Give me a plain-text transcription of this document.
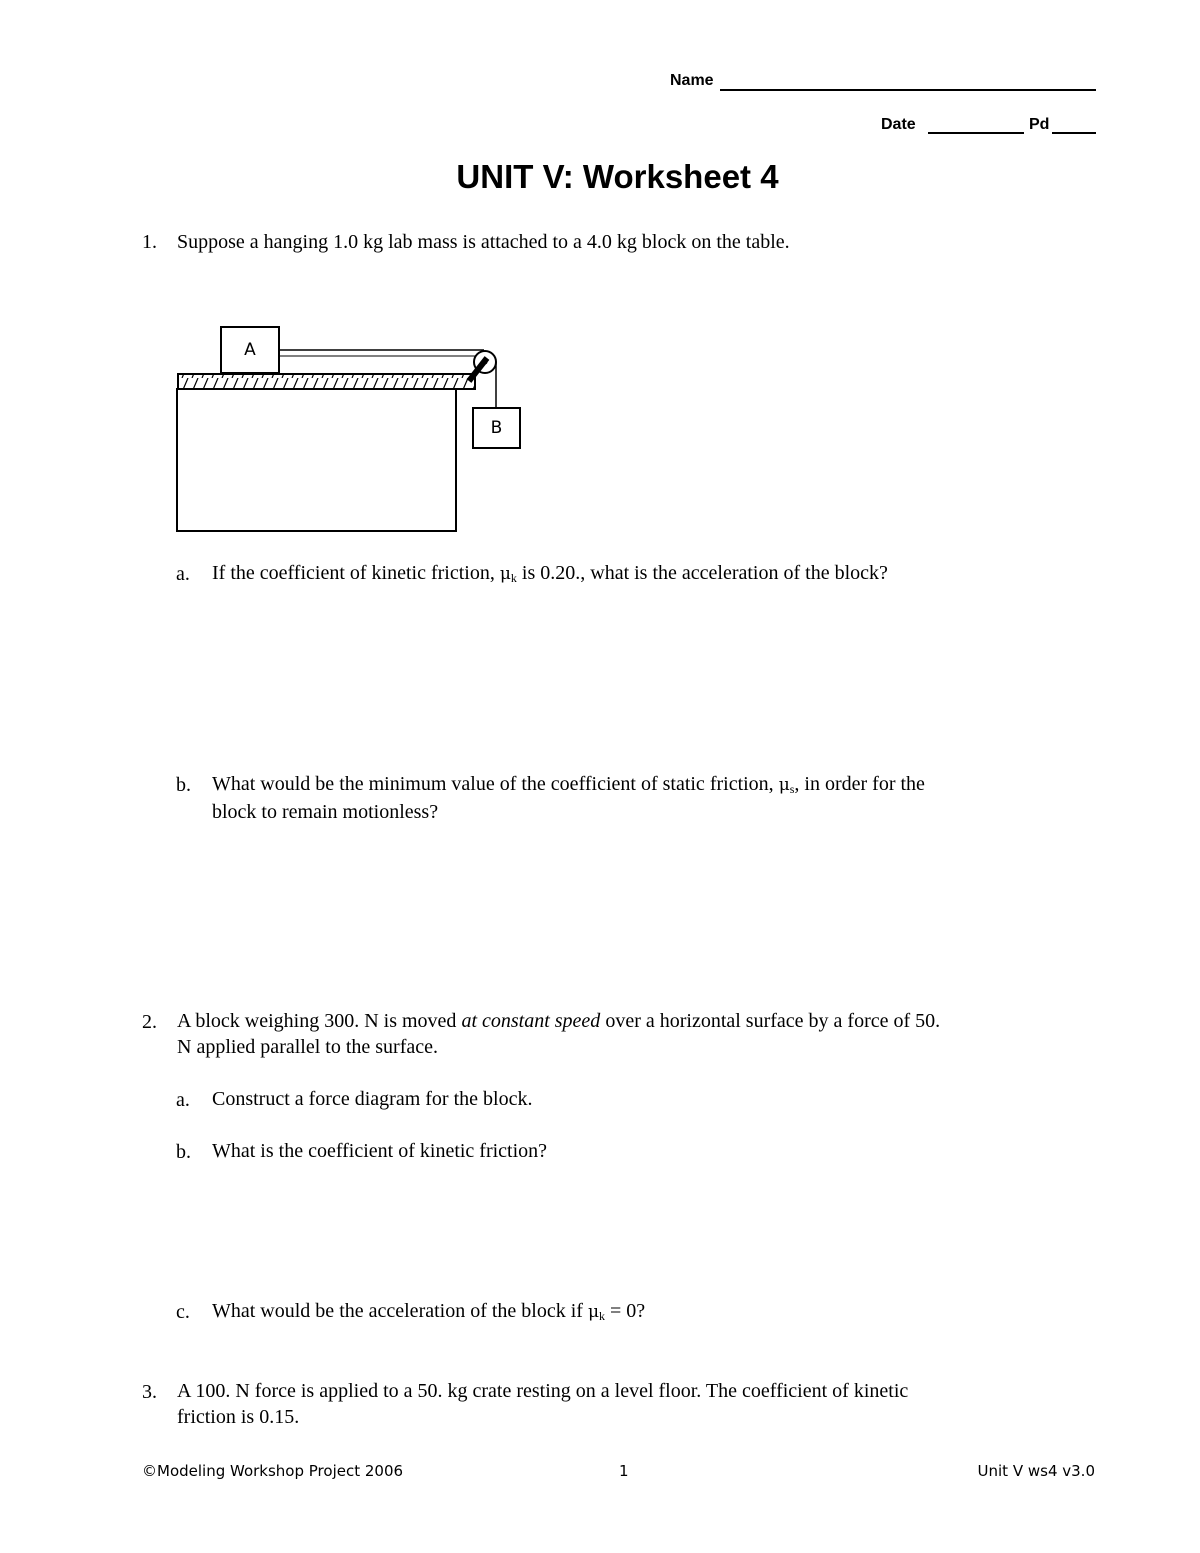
Name
Date	Pd
UNIT V: Worksheet 4
1. Suppose a hanging 1.0 kg lab mass is attached to a 4.0 kg block on the table.
A
B
a. If the coefficient of kinetic friction, $\mu_k$ is 0.20., what is the acceleration of the block?
b. What would be the minimum value of the coefficient of static friction, $\mu_s$, in order for the
block to remain motionless?
2. A block weighing 300. N is moved at constant speed over a horizontal surface by a force of 50.
N applied parallel to the surface.
a. Construct a force diagram for the block.
b. What is the coefficient of kinetic friction?
c. What would be the acceleration of the block if $\mu_k = 0$?
3. A 100. N force is applied to a 50. kg crate resting on a level floor. The coefficient of kinetic
friction is 0.15.
©Modeling Workshop Project 2006	1	Unit V ws4 v3.0
